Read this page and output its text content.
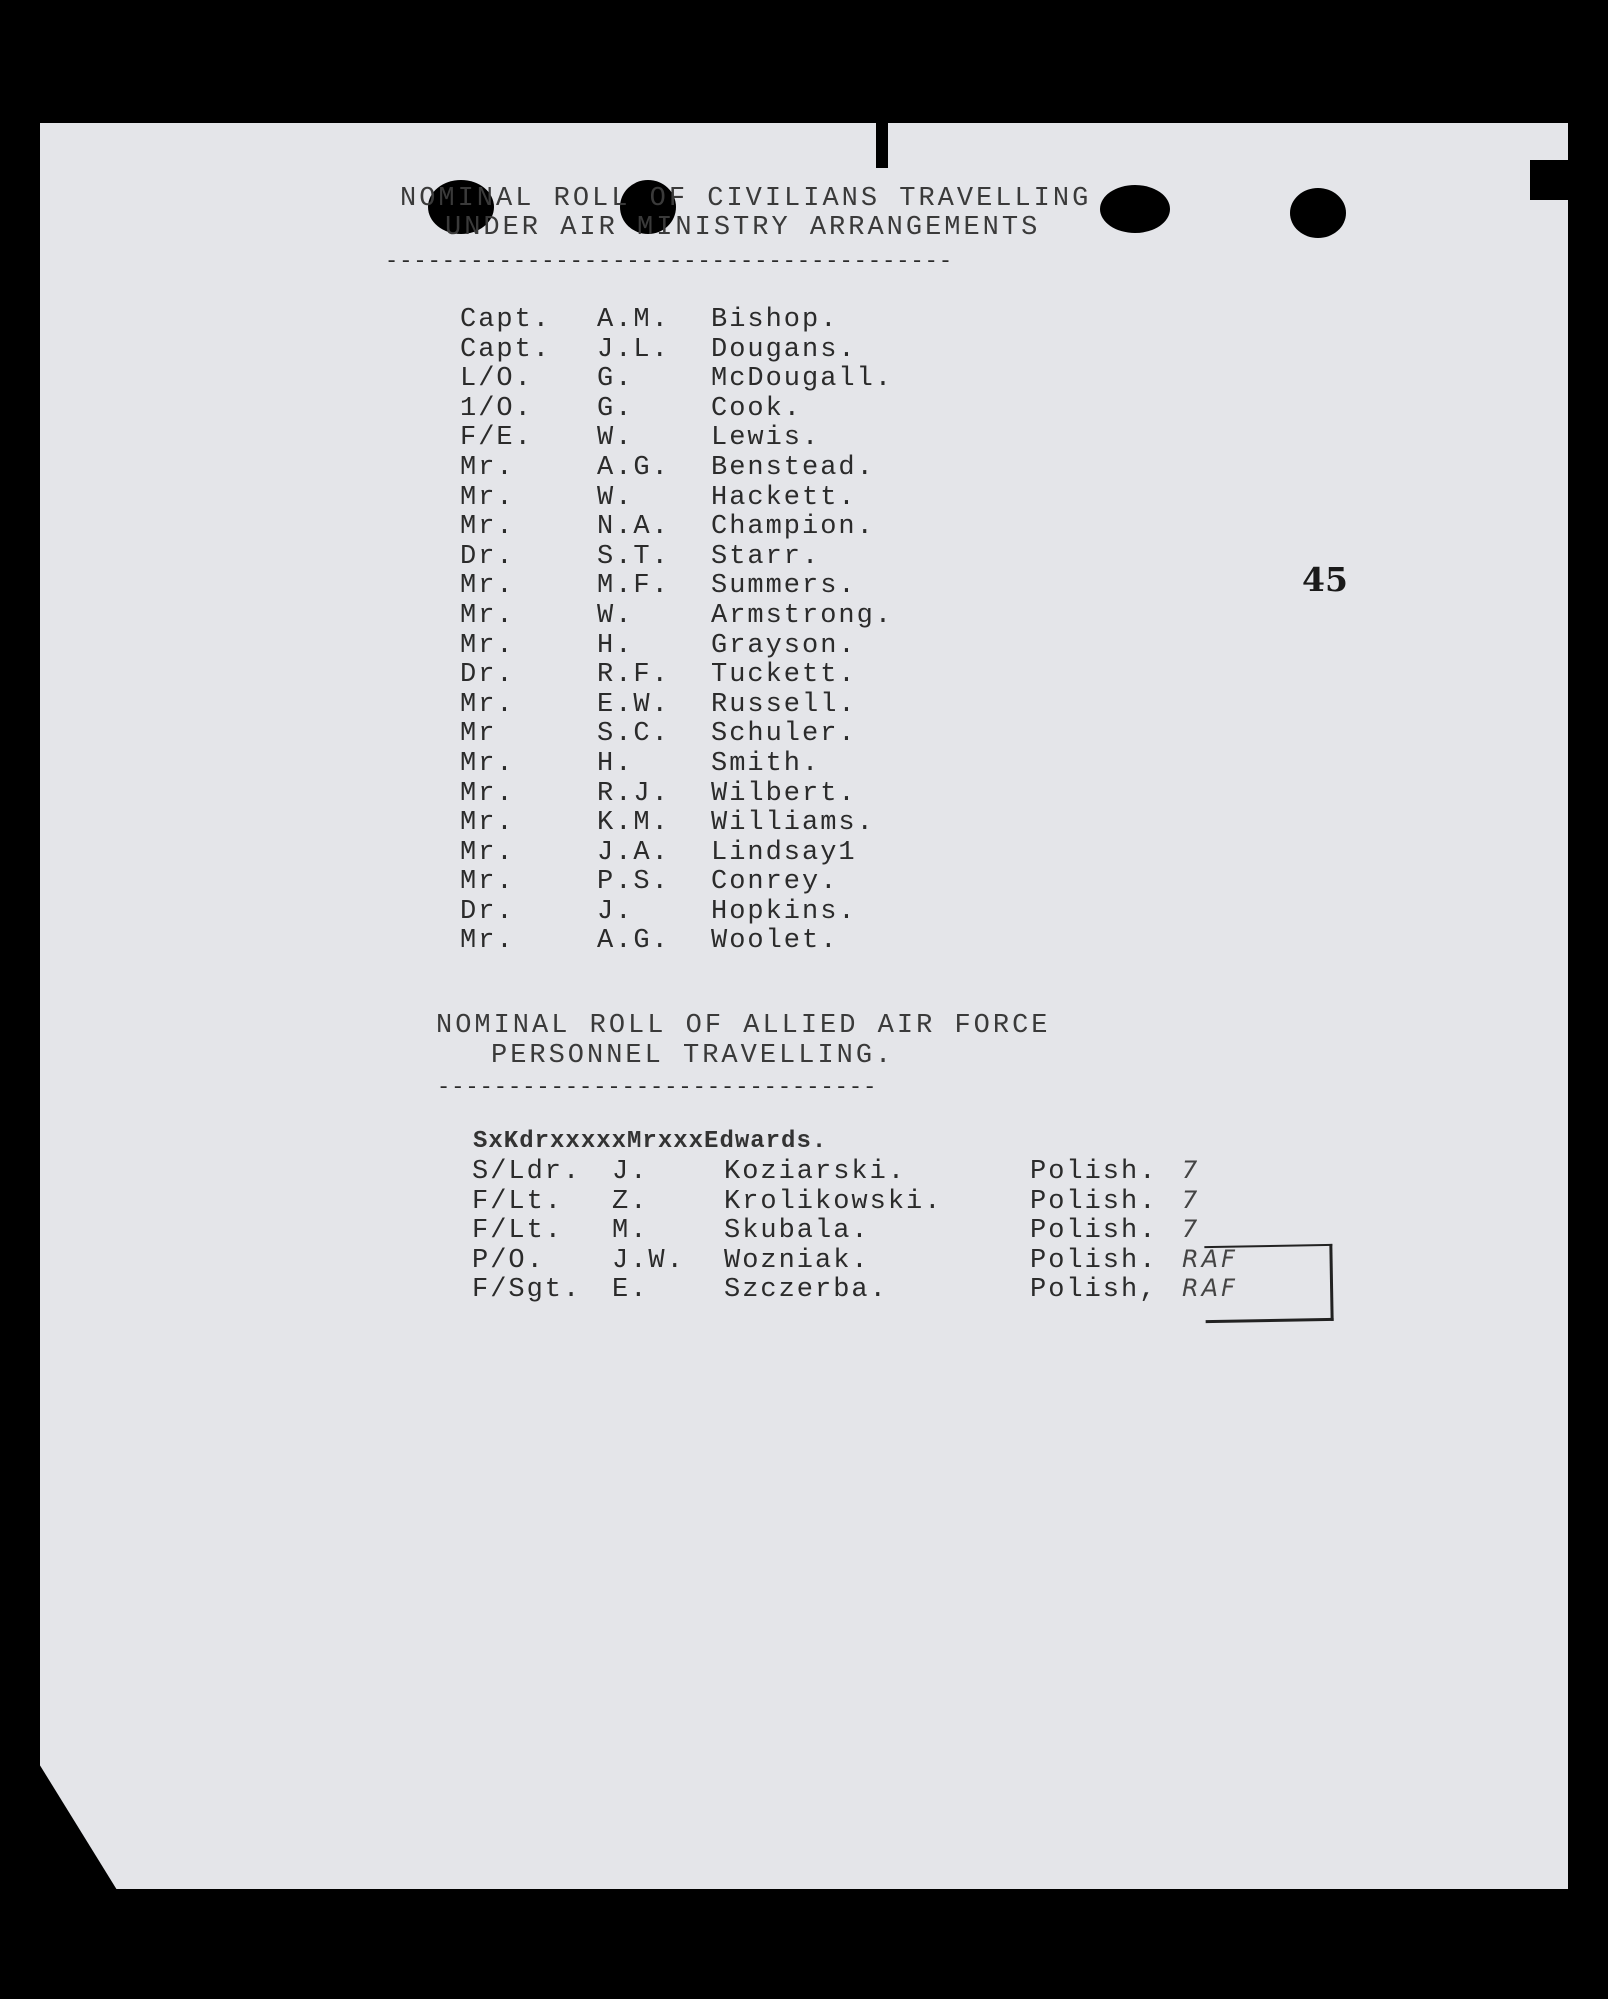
NOMINAL ROLL OF CIVILIANS TRAVELLING
UNDER AIR MINISTRY ARRANGEMENTS
----------------------------------------
Capt.
Capt.
L/O.
1/O.
F/E.
Mr.
Mr.
Mr.
Dr.
Mr.
Mr.
Mr.
Dr.
Mr.
Mr
Mr.
Mr.
Mr.
Mr.
Mr.
Dr.
Mr.
A.M.
J.L.
G.
G.
W.
A.G.
W.
N.A.
S.T.
M.F.
W.
H.
R.F.
E.W.
S.C.
H.
R.J.
K.M.
J.A.
P.S.
J.
A.G.
Bishop.
Dougans.
McDougall.
Cook.
Lewis.
Benstead.
Hackett.
Champion.
Starr.
Summers.
Armstrong.
Grayson.
Tuckett.
Russell.
Schuler.
Smith.
Wilbert.
Williams.
Lindsay1
Conrey.
Hopkins.
Woolet.
45
NOMINAL ROLL OF ALLIED AIR FORCE
PERSONNEL TRAVELLING.
-------------------------------
SxKdrxxxxxMrxxxEdwards.
S/Ldr.
F/Lt.
F/Lt.
P/O.
F/Sgt.
J.
Z.
M.
J.W.
E.
Koziarski.
Krolikowski.
Skubala.
Wozniak.
Szczerba.
Polish.
Polish.
Polish.
Polish.
Polish,
7
7
7
RAF
RAF
